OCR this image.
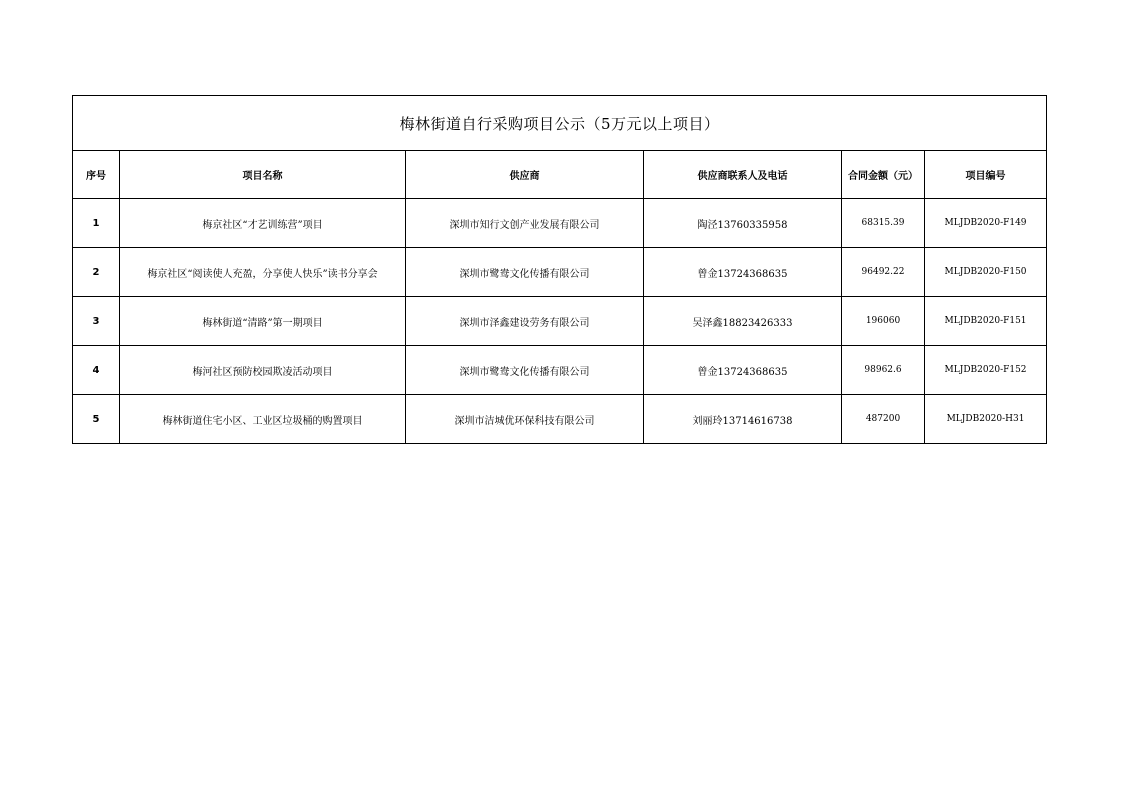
梅林街道自行采购项目公示（5万元以上项目）					
序号	项目名称	供应商	供应商联系人及电话	合同金额（元）	项目编号
1	梅京社区“才艺训练营”项目	深圳市知行文创产业发展有限公司	陶泾13760335958	68315.39	MLJDB2020-F149
2	梅京社区“阅读使人充盈，分享使人快乐”读书分享会	深圳市鹭鸯文化传播有限公司	曾金13724368635	96492.22	MLJDB2020-F150
3	梅林街道“清路”第一期项目	深圳市泽鑫建设劳务有限公司	吴泽鑫18823426333	196060	MLJDB2020-F151
4	梅河社区预防校园欺凌活动项目	深圳市鹭鸯文化传播有限公司	曾金13724368635	98962.6	MLJDB2020-F152
5	梅林街道住宅小区、工业区垃圾桶的购置项目	深圳市洁城优环保科技有限公司	刘丽玲13714616738	487200	MLJDB2020-H31
